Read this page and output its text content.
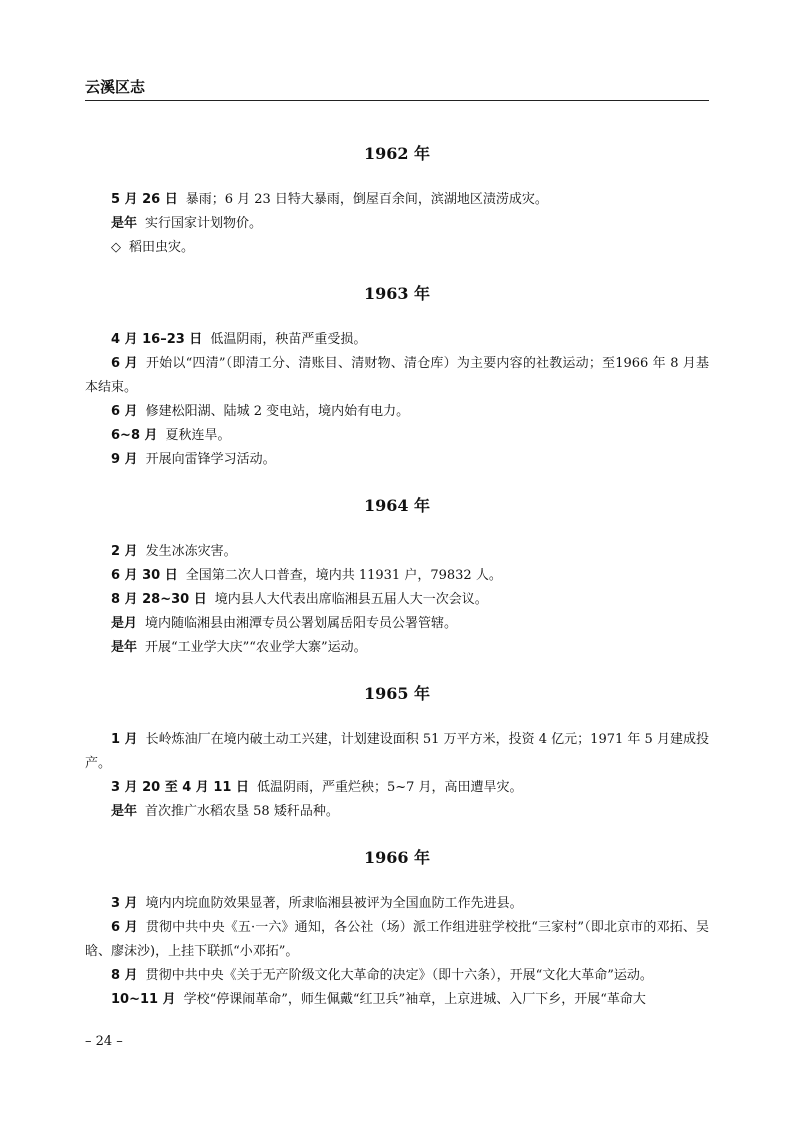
云溪区志
1962 年

5 月 26 日 暴雨；6 月 23 日特大暴雨，倒屋百余间，滨湖地区渍涝成灾。

是年 实行国家计划物价。

◇ 稻田虫灾。

1963 年

4 月 16–23 日 低温阴雨，秧苗严重受损。

6 月 开始以“四清”（即清工分、清账目、清财物、清仓库）为主要内容的社教运动；至1966 年 8 月基本结束。

6 月 修建松阳湖、陆城 2 变电站，境内始有电力。

6~8 月 夏秋连旱。

9 月 开展向雷锋学习活动。

1964 年

2 月 发生冰冻灾害。

6 月 30 日 全国第二次人口普查，境内共 11931 户，79832 人。

8 月 28~30 日 境内县人大代表出席临湘县五届人大一次会议。

是月 境内随临湘县由湘潭专员公署划属岳阳专员公署管辖。

是年 开展“工业学大庆”“农业学大寨”运动。

1965 年

1 月 长岭炼油厂在境内破土动工兴建，计划建设面积 51 万平方米，投资 4 亿元；1971 年 5 月建成投产。

3 月 20 至 4 月 11 日 低温阴雨，严重烂秧；5~7 月，高田遭旱灾。

是年 首次推广水稻农垦 58 矮秆品种。

1966 年

3 月 境内内垸血防效果显著，所隶临湘县被评为全国血防工作先进县。

6 月 贯彻中共中央《五·一六》通知，各公社（场）派工作组进驻学校批“三家村”（即北京市的邓拓、吴晗、廖沫沙)，上挂下联抓“小邓拓”。

8 月 贯彻中共中央《关于无产阶级文化大革命的决定》（即十六条），开展“文化大革命”运动。

10~11 月 学校“停课闹革命”，师生佩戴“红卫兵”袖章，上京进城、入厂下乡，开展“革命大

– 24 –
